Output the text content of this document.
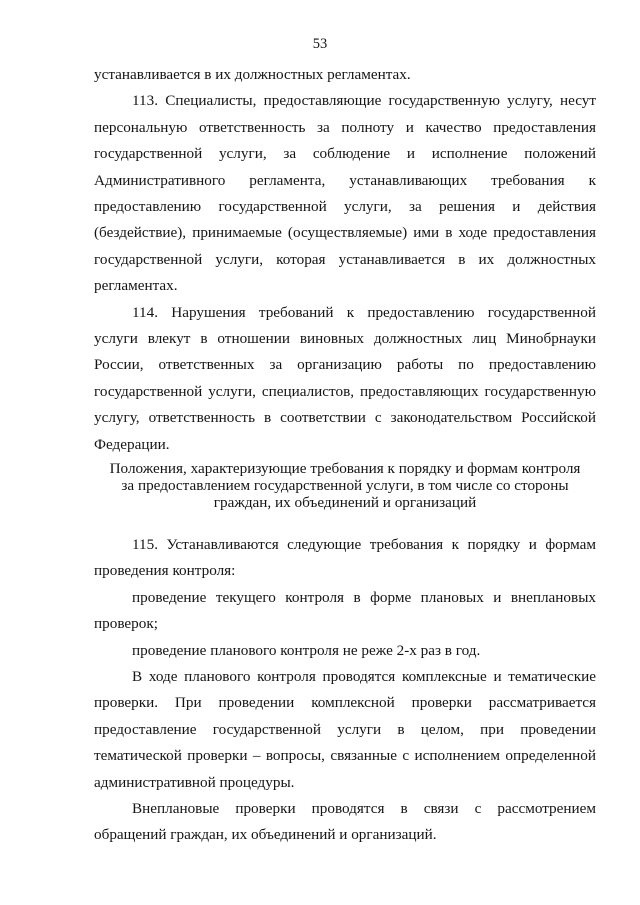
53

устанавливается в их должностных регламентах.

113. Специалисты, предоставляющие государственную услугу, несут персональную ответственность за полноту и качество предоставления государственной услуги, за соблюдение и исполнение положений Административного регламента, устанавливающих требования к предоставлению государственной услуги, за решения и действия (бездействие), принимаемые (осуществляемые) ими в ходе предоставления государственной услуги, которая устанавливается в их должностных регламентах.

114. Нарушения требований к предоставлению государственной услуги влекут в отношении виновных должностных лиц Минобрнауки России, ответственных за организацию работы по предоставлению государственной услуги, специалистов, предоставляющих государственную услугу, ответственность в соответствии с законодательством Российской Федерации.

Положения, характеризующие требования к порядку и формам контроля
за предоставлением государственной услуги, в том числе со стороны
граждан, их объединений и организаций

115. Устанавливаются следующие требования к порядку и формам проведения контроля:

проведение текущего контроля в форме плановых и внеплановых проверок;

проведение планового контроля не реже 2-х раз в год.

В ходе планового контроля проводятся комплексные и тематические проверки. При проведении комплексной проверки рассматривается предоставление государственной услуги в целом, при проведении тематической проверки – вопросы, связанные с исполнением определенной административной процедуры.

Внеплановые проверки проводятся в связи с рассмотрением обращений граждан, их объединений и организаций.
